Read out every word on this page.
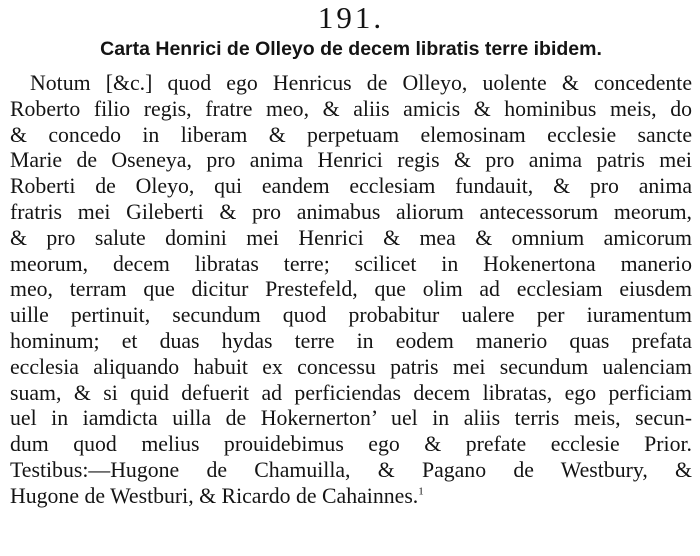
191.
Carta Henrici de Olleyo de decem libratis terre ibidem.
Notum [&c.] quod ego Henricus de Olleyo, uolente & concedente
Roberto filio regis, fratre meo, & aliis amicis & hominibus meis, do
& concedo in liberam & perpetuam elemosinam ecclesie sancte
Marie de Oseneya, pro anima Henrici regis & pro anima patris mei
Roberti de Oleyo, qui eandem ecclesiam fundauit, & pro anima
fratris mei Gileberti & pro animabus aliorum antecessorum meorum,
& pro salute domini mei Henrici & mea & omnium amicorum
meorum, decem libratas terre; scilicet in Hokenertona manerio
meo, terram que dicitur Prestefeld, que olim ad ecclesiam eiusdem
uille pertinuit, secundum quod probabitur ualere per iuramentum
hominum; et duas hydas terre in eodem manerio quas prefata
ecclesia aliquando habuit ex concessu patris mei secundum ualenciam
suam, & si quid defuerit ad perficiendas decem libratas, ego perficiam
uel in iamdicta uilla de Hokernerton’ uel in aliis terris meis, secun-
dum quod melius prouidebimus ego & prefate ecclesie Prior.
Testibus:—Hugone de Chamuilla, & Pagano de Westbury, &
Hugone de Westburi, & Ricardo de Cahainnes.$^1$
